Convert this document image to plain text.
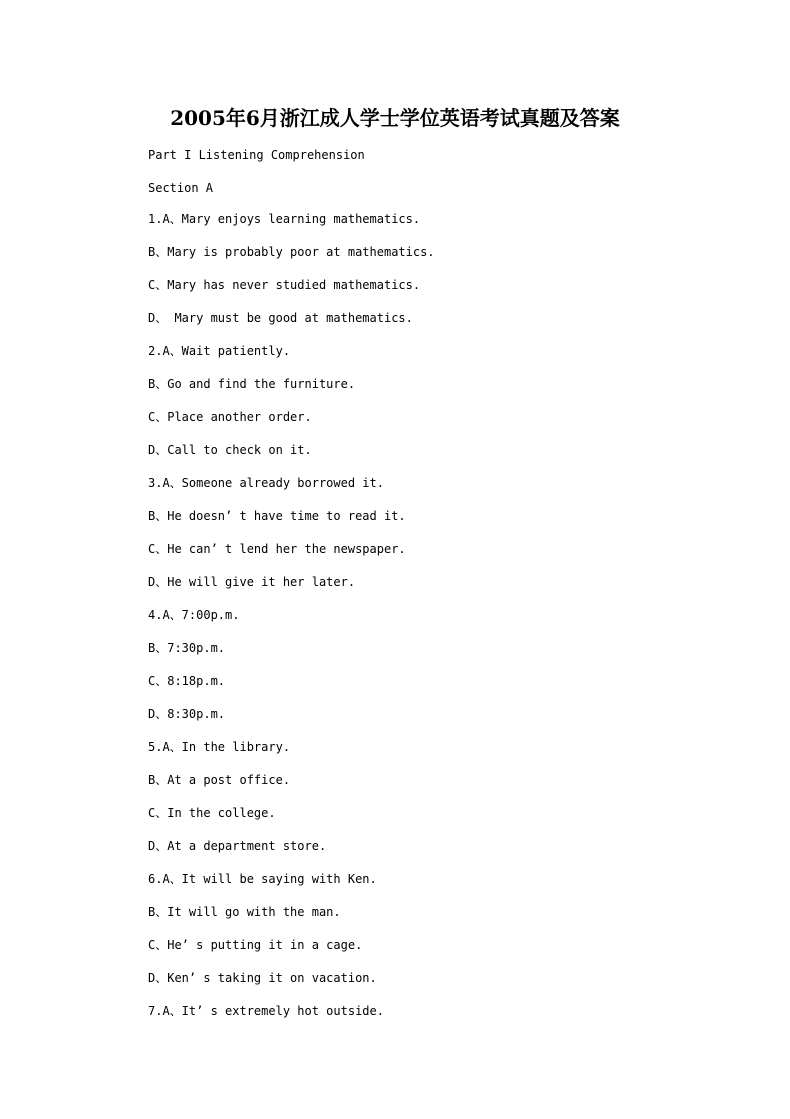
2005年6月浙江成人学士学位英语考试真题及答案
Part I Listening Comprehension
Section A
1.A、Mary enjoys learning mathematics.
B、Mary is probably poor at mathematics.
C、Mary has never studied mathematics.
D、 Mary must be good at mathematics.
2.A、Wait patiently.
B、Go and find the furniture.
C、Place another order.
D、Call to check on it.
3.A、Someone already borrowed it.
B、He doesn’ t have time to read it.
C、He can’ t lend her the newspaper.
D、He will give it her later.
4.A、7:00p.m.
B、7:30p.m.
C、8:18p.m.
D、8:30p.m.
5.A、In the library.
B、At a post office.
C、In the college.
D、At a department store.
6.A、It will be saying with Ken.
B、It will go with the man.
C、He’ s putting it in a cage.
D、Ken’ s taking it on vacation.
7.A、It’ s extremely hot outside.
